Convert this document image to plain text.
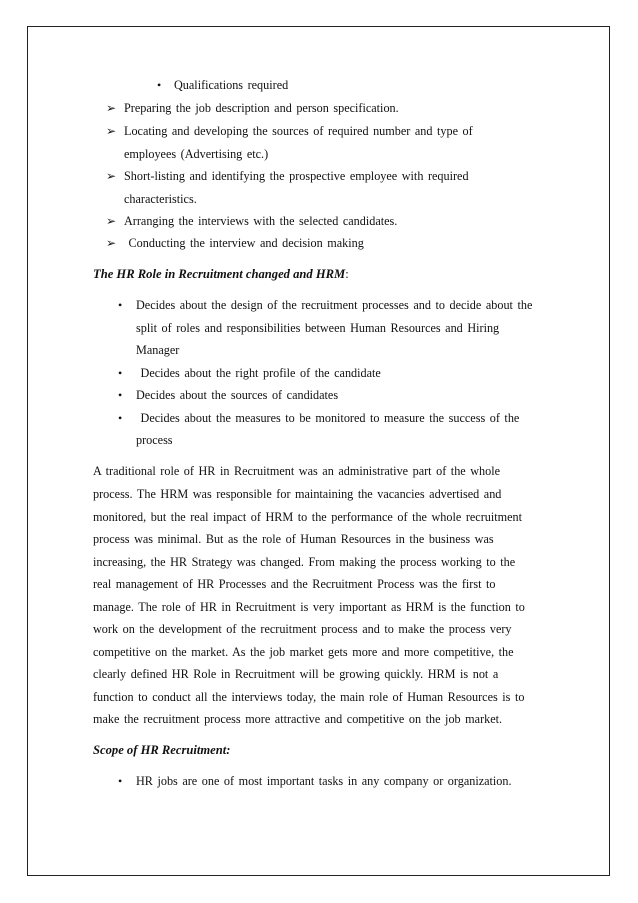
• Qualifications required
➢ Preparing the job description and person specification.
➢ Locating and developing the sources of required number and type of
employees (Advertising etc.)
➢ Short-listing and identifying the prospective employee with required
characteristics.
➢ Arranging the interviews with the selected candidates.
➢ Conducting the interview and decision making
The HR Role in Recruitment changed and HRM:
• Decides about the design of the recruitment processes and to decide about the
split of roles and responsibilities between Human Resources and Hiring
Manager
• Decides about the right profile of the candidate
• Decides about the sources of candidates
• Decides about the measures to be monitored to measure the success of the
process
A traditional role of HR in Recruitment was an administrative part of the whole
process. The HRM was responsible for maintaining the vacancies advertised and
monitored, but the real impact of HRM to the performance of the whole recruitment
process was minimal. But as the role of Human Resources in the business was
increasing, the HR Strategy was changed. From making the process working to the
real management of HR Processes and the Recruitment Process was the first to
manage. The role of HR in Recruitment is very important as HRM is the function to
work on the development of the recruitment process and to make the process very
competitive on the market. As the job market gets more and more competitive, the
clearly defined HR Role in Recruitment will be growing quickly. HRM is not a
function to conduct all the interviews today, the main role of Human Resources is to
make the recruitment process more attractive and competitive on the job market.
Scope of HR Recruitment:
• HR jobs are one of most important tasks in any company or organization.
